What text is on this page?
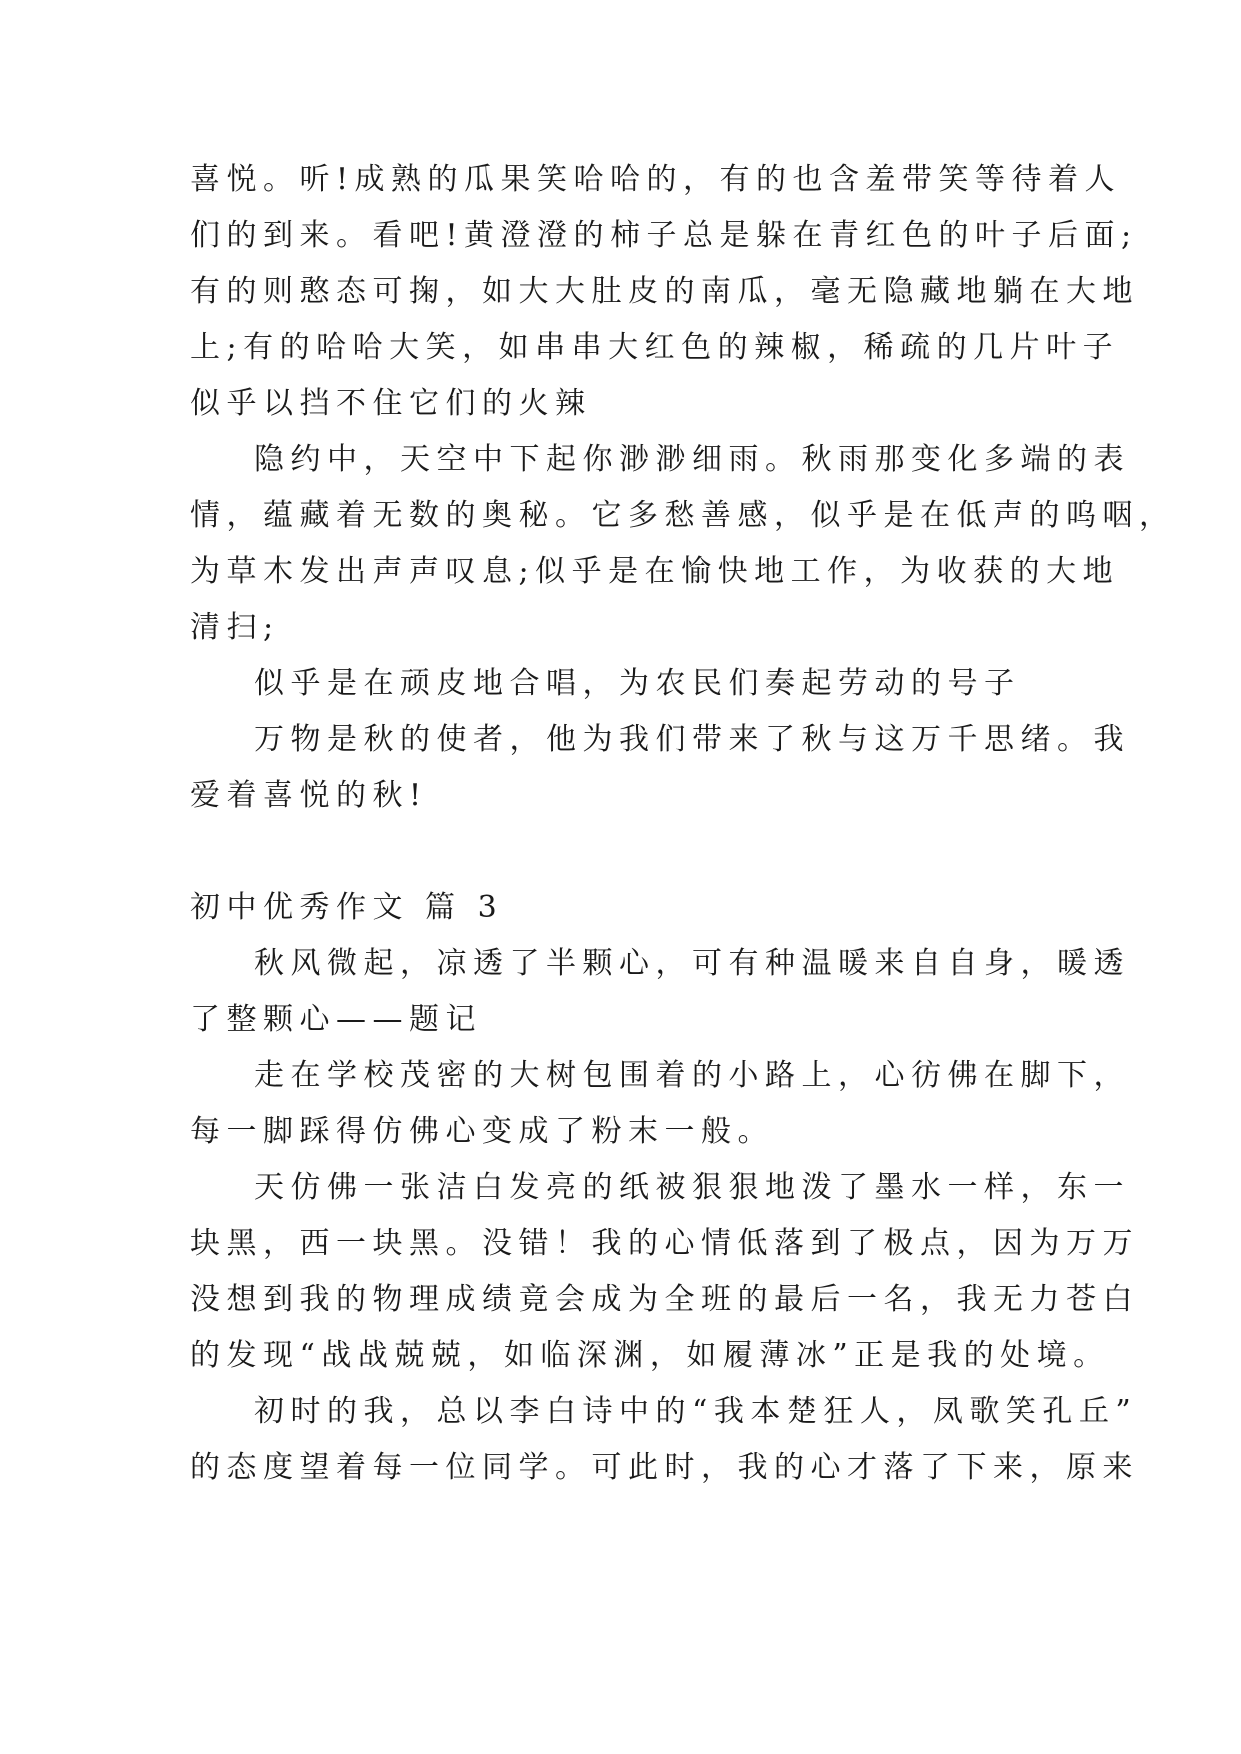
喜悦。听!成熟的瓜果笑哈哈的，有的也含羞带笑等待着人
们的到来。看吧!黄澄澄的柿子总是躲在青红色的叶子后面;
有的则憨态可掬，如大大肚皮的南瓜，毫无隐藏地躺在大地
上;有的哈哈大笑，如串串大红色的辣椒，稀疏的几片叶子
似乎以挡不住它们的火辣
隐约中，天空中下起你渺渺细雨。秋雨那变化多端的表
情，蕴藏着无数的奥秘。它多愁善感，似乎是在低声的呜咽，
为草木发出声声叹息;似乎是在愉快地工作，为收获的大地
清扫;
似乎是在顽皮地合唱，为农民们奏起劳动的号子
万物是秋的使者，他为我们带来了秋与这万千思绪。我
爱着喜悦的秋!
初中优秀作文 篇 3
秋风微起，凉透了半颗心，可有种温暖来自自身，暖透
了整颗心——题记
走在学校茂密的大树包围着的小路上，心彷佛在脚下，
每一脚踩得仿佛心变成了粉末一般。
天仿佛一张洁白发亮的纸被狠狠地泼了墨水一样，东一
块黑，西一块黑。没错！我的心情低落到了极点，因为万万
没想到我的物理成绩竟会成为全班的最后一名，我无力苍白
的发现“战战兢兢，如临深渊，如履薄冰”正是我的处境。
初时的我，总以李白诗中的“我本楚狂人，凤歌笑孔丘”
的态度望着每一位同学。可此时，我的心才落了下来，原来
